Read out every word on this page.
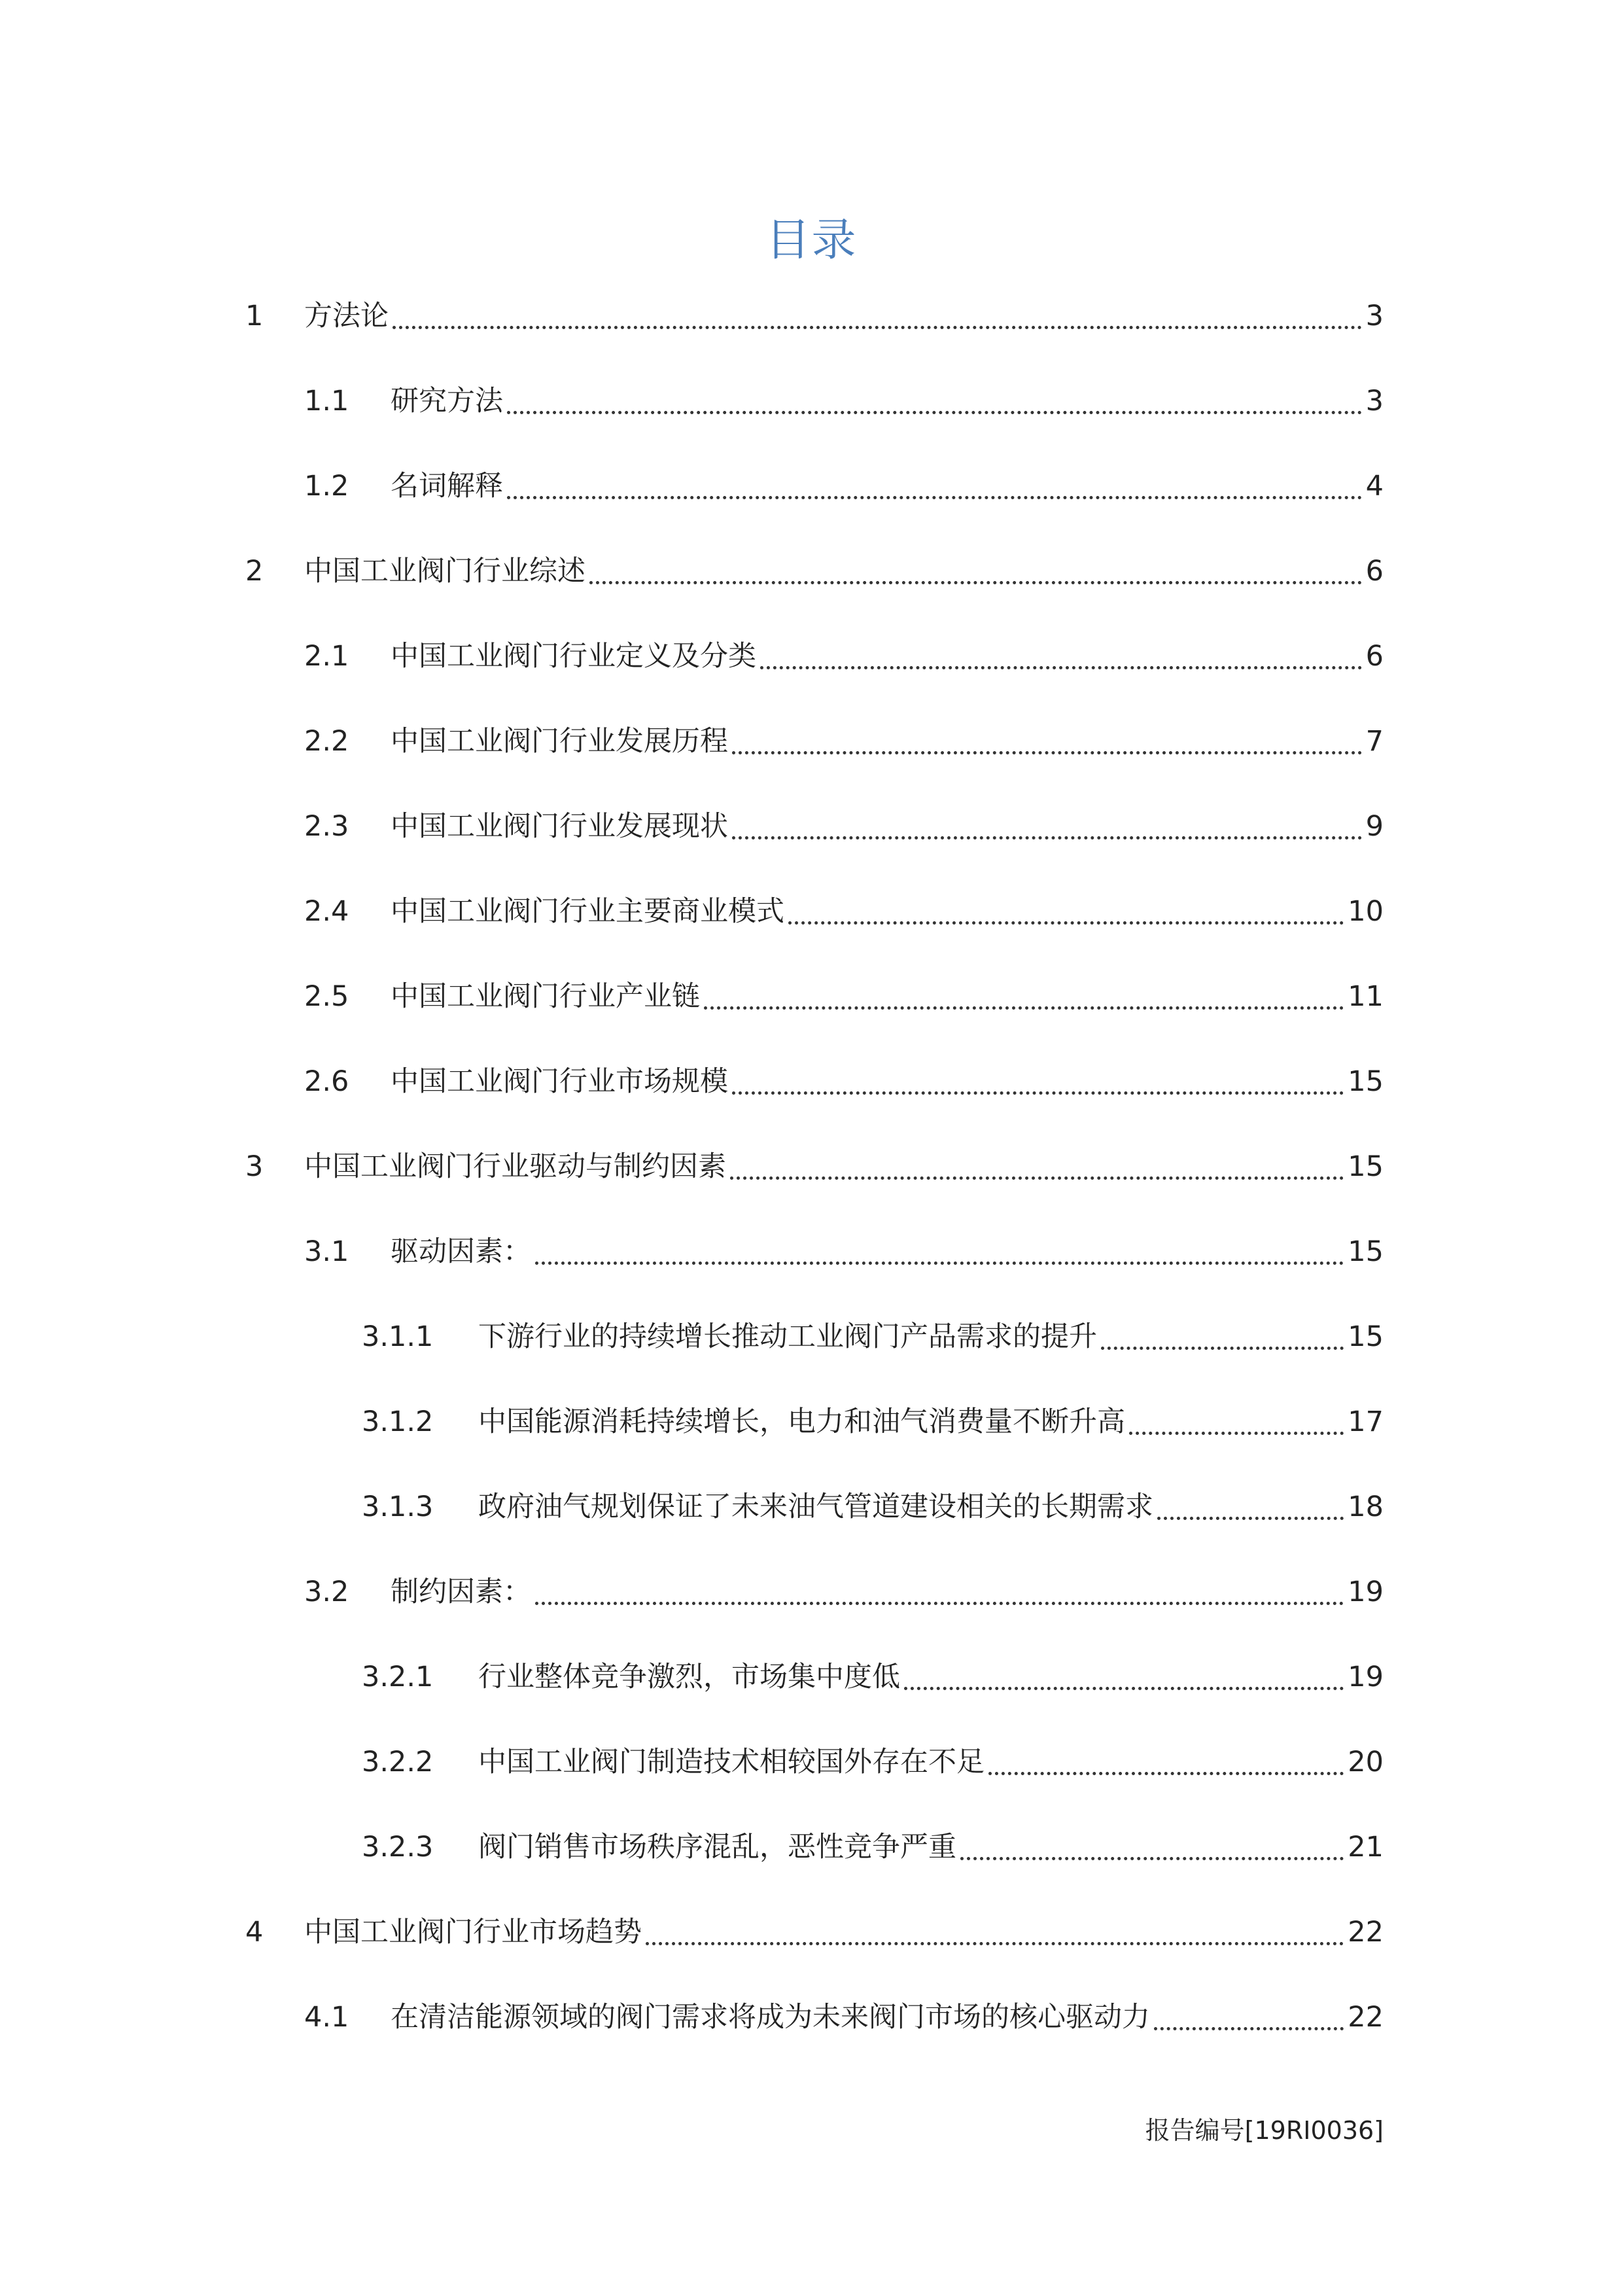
目录
1	方法论	3
1.1	研究方法	3
1.2	名词解释	4
2	中国工业阀门行业综述	6
2.1	中国工业阀门行业定义及分类	6
2.2	中国工业阀门行业发展历程	7
2.3	中国工业阀门行业发展现状	9
2.4	中国工业阀门行业主要商业模式	10
2.5	中国工业阀门行业产业链	11
2.6	中国工业阀门行业市场规模	15
3	中国工业阀门行业驱动与制约因素	15
3.1	驱动因素：	15
3.1.1	下游行业的持续增长推动工业阀门产品需求的提升	15
3.1.2	中国能源消耗持续增长，电力和油气消费量不断升高	17
3.1.3	政府油气规划保证了未来油气管道建设相关的长期需求	18
3.2	制约因素：	19
3.2.1	行业整体竞争激烈，市场集中度低	19
3.2.2	中国工业阀门制造技术相较国外存在不足	20
3.2.3	阀门销售市场秩序混乱，恶性竞争严重	21
4	中国工业阀门行业市场趋势	22
4.1	在清洁能源领域的阀门需求将成为未来阀门市场的核心驱动力	22
报告编号[19RI0036]
